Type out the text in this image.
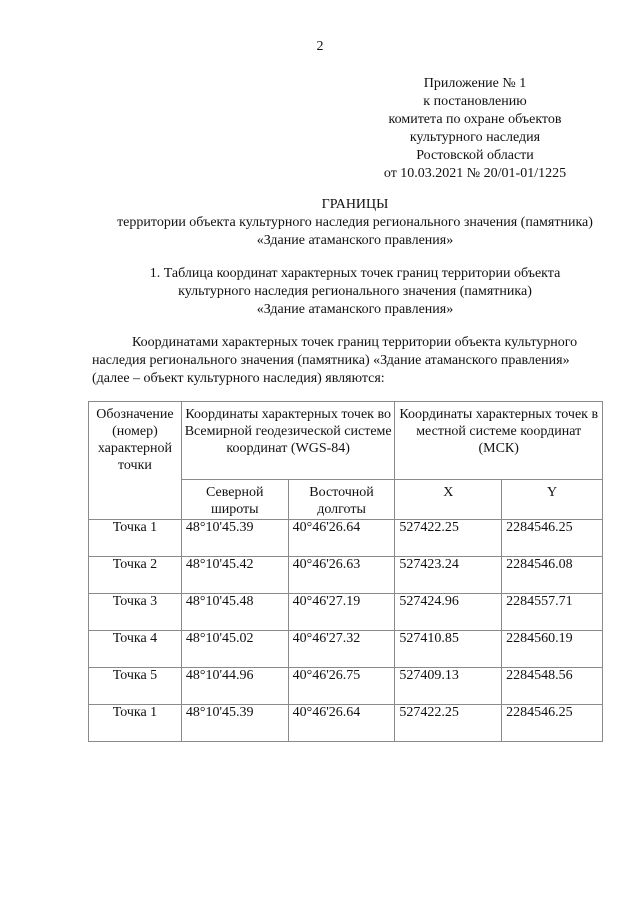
2
Приложение № 1
к постановлению
комитета по охране объектов
культурного наследия
Ростовской области
от 10.03.2021 № 20/01-01/1225
ГРАНИЦЫ
территории объекта культурного наследия регионального значения (памятника)
«Здание атаманского правления»
1. Таблица координат характерных точек границ территории объекта
культурного наследия регионального значения (памятника)
«Здание атаманского правления»
Координатами характерных точек границ территории объекта культурного
наследия регионального значения (памятника) «Здание атаманского правления»
(далее – объект культурного наследия) являются:
Обозначение (номер) характерной точки	Координаты характерных точек во Всемирной геодезической системе координат (WGS-84)		Координаты характерных точек в местной системе координат (МСК)	
	Северной широты	Восточной долготы	X	Y
Точка 1	48°10'45.39	40°46'26.64	527422.25	2284546.25
Точка 2	48°10'45.42	40°46'26.63	527423.24	2284546.08
Точка 3	48°10'45.48	40°46'27.19	527424.96	2284557.71
Точка 4	48°10'45.02	40°46'27.32	527410.85	2284560.19
Точка 5	48°10'44.96	40°46'26.75	527409.13	2284548.56
Точка 1	48°10'45.39	40°46'26.64	527422.25	2284546.25
